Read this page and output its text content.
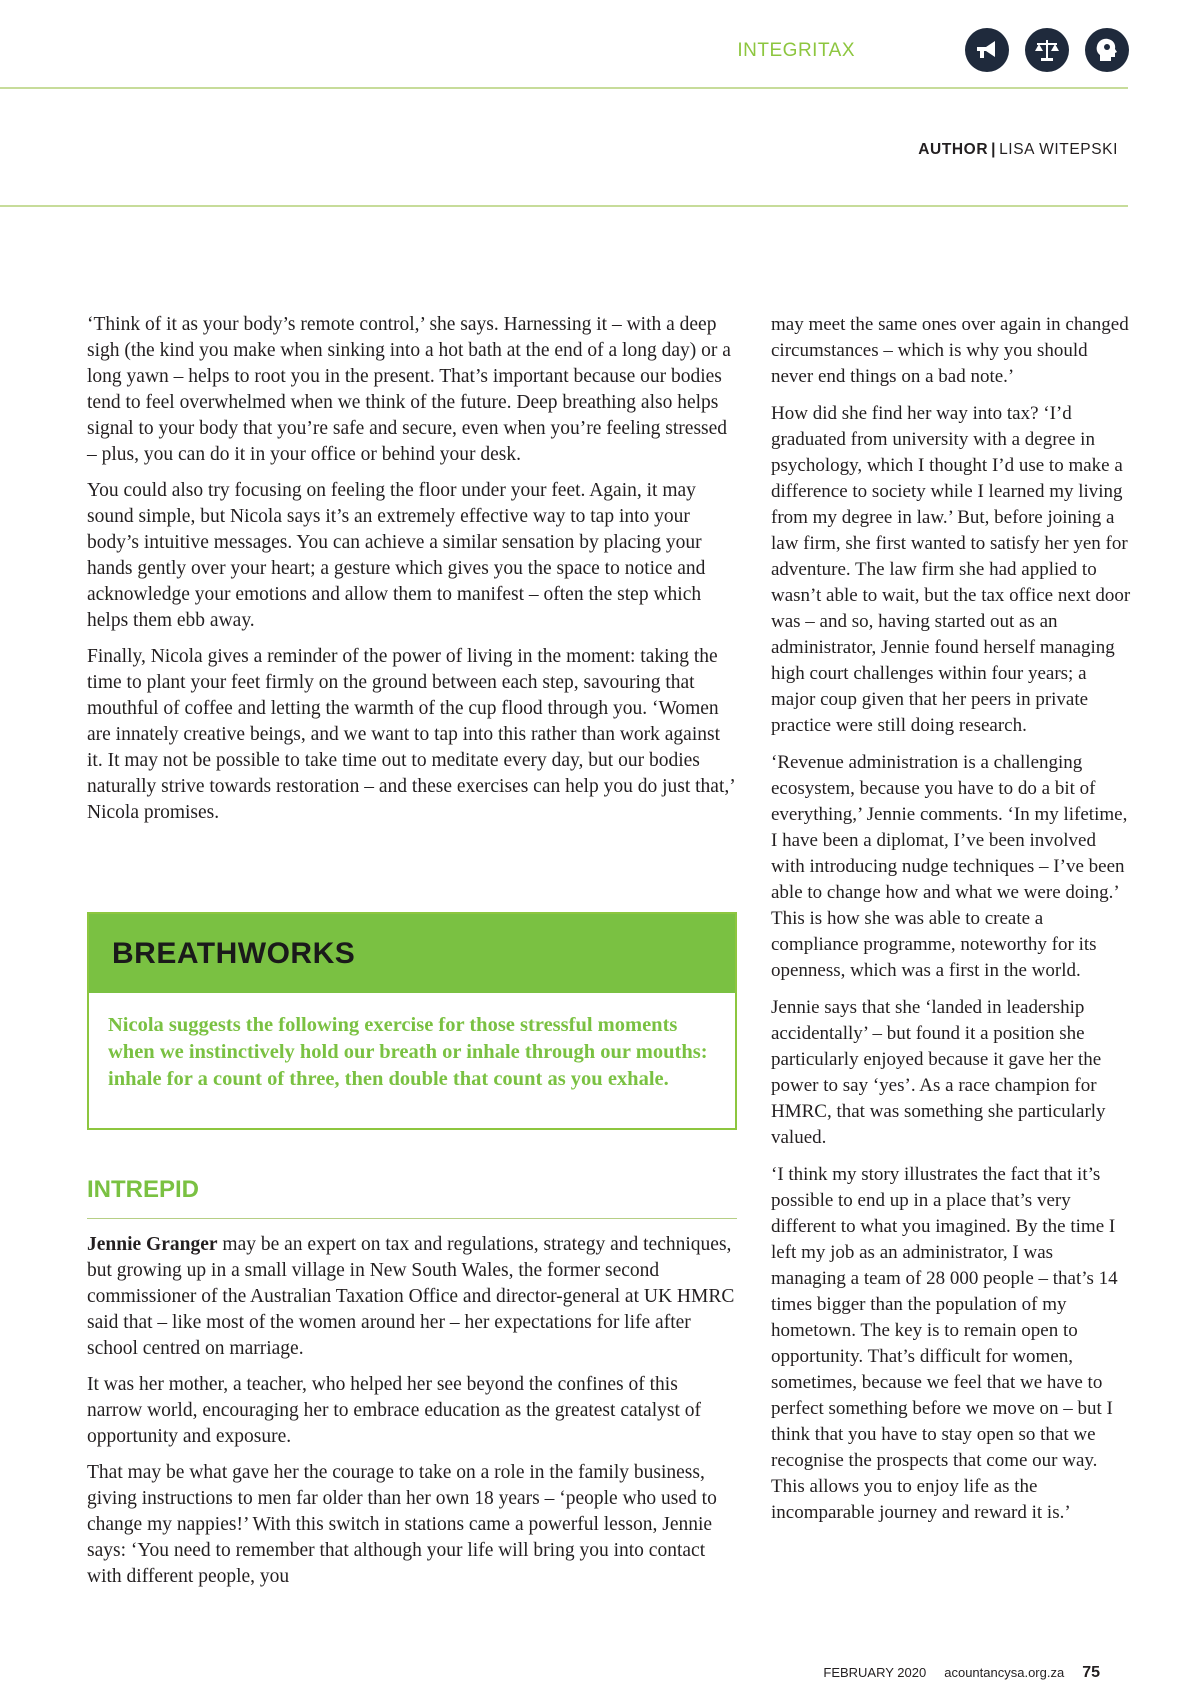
INTEGRITAX
AUTHOR | LISA WITEPSKI

‘Think of it as your body’s remote control,’ she says. Harnessing it – with a deep sigh (the kind you make when sinking into a hot bath at the end of a long day) or a long yawn – helps to root you in the present. That’s important because our bodies tend to feel overwhelmed when we think of the future. Deep breathing also helps signal to your body that you’re safe and secure, even when you’re feeling stressed – plus, you can do it in your office or behind your desk.

You could also try focusing on feeling the floor under your feet. Again, it may sound simple, but Nicola says it’s an extremely effective way to tap into your body’s intuitive messages. You can achieve a similar sensation by placing your hands gently over your heart; a gesture which gives you the space to notice and acknowledge your emotions and allow them to manifest – often the step which helps them ebb away.

Finally, Nicola gives a reminder of the power of living in the moment: taking the time to plant your feet firmly on the ground between each step, savouring that mouthful of coffee and letting the warmth of the cup flood through you. ‘Women are innately creative beings, and we want to tap into this rather than work against it. It may not be possible to take time out to meditate every day, but our bodies naturally strive towards restoration – and these exercises can help you do just that,’ Nicola promises.

BREATHWORKS
Nicola suggests the following exercise for those stressful moments when we instinctively hold our breath or inhale through our mouths: inhale for a count of three, then double that count as you exhale.
INTREPID

Jennie Granger may be an expert on tax and regulations, strategy and techniques, but growing up in a small village in New South Wales, the former second commissioner of the Australian Taxation Office and director-general at UK HMRC said that – like most of the women around her – her expectations for life after school centred on marriage.

It was her mother, a teacher, who helped her see beyond the confines of this narrow world, encouraging her to embrace education as the greatest catalyst of opportunity and exposure.

That may be what gave her the courage to take on a role in the family business, giving instructions to men far older than her own 18 years – ‘people who used to change my nappies!’ With this switch in stations came a powerful lesson, Jennie says: ‘You need to remember that although your life will bring you into contact with different people, you

may meet the same ones over again in changed circumstances – which is why you should never end things on a bad note.’

How did she find her way into tax? ‘I’d graduated from university with a degree in psychology, which I thought I’d use to make a difference to society while I learned my living from my degree in law.’ But, before joining a law firm, she first wanted to satisfy her yen for adventure. The law firm she had applied to wasn’t able to wait, but the tax office next door was – and so, having started out as an administrator, Jennie found herself managing high court challenges within four years; a major coup given that her peers in private practice were still doing research.

‘Revenue administration is a challenging ecosystem, because you have to do a bit of everything,’ Jennie comments. ‘In my lifetime, I have been a diplomat, I’ve been involved with introducing nudge techniques – I’ve been able to change how and what we were doing.’ This is how she was able to create a compliance programme, noteworthy for its openness, which was a first in the world.

Jennie says that she ‘landed in leadership accidentally’ – but found it a position she particularly enjoyed because it gave her the power to say ‘yes’. As a race champion for HMRC, that was something she particularly valued.

‘I think my story illustrates the fact that it’s possible to end up in a place that’s very different to what you imagined. By the time I left my job as an administrator, I was managing a team of 28 000 people – that’s 14 times bigger than the population of my hometown. The key is to remain open to opportunity. That’s difficult for women, sometimes, because we feel that we have to perfect something before we move on – but I think that you have to stay open so that we recognise the prospects that come our way. This allows you to enjoy life as the incomparable journey and reward it is.’

FEBRUARY 2020 acountancysa.org.za 75
